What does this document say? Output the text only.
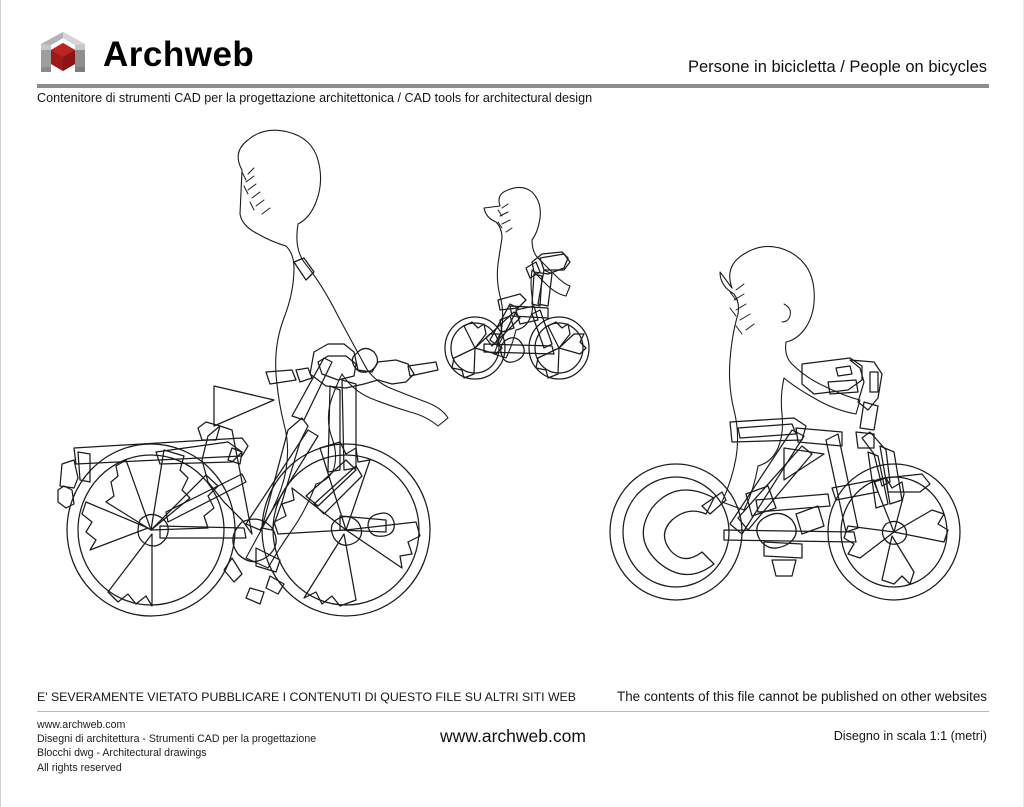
Archweb	Persone in bicicletta / People on bicycles
Contenitore di strumenti CAD per la progettazione architettonica / CAD tools for architectural design
E' SEVERAMENTE VIETATO PUBBLICARE I CONTENUTI DI QUESTO FILE SU ALTRI SITI WEB	The contents of this file cannot be published on other websites
www.archweb.com
Disegni di architettura - Strumenti CAD per la progettazione
Blocchi dwg - Architectural drawings
All rights reserved
www.archweb.com	Disegno in scala 1:1 (metri)
